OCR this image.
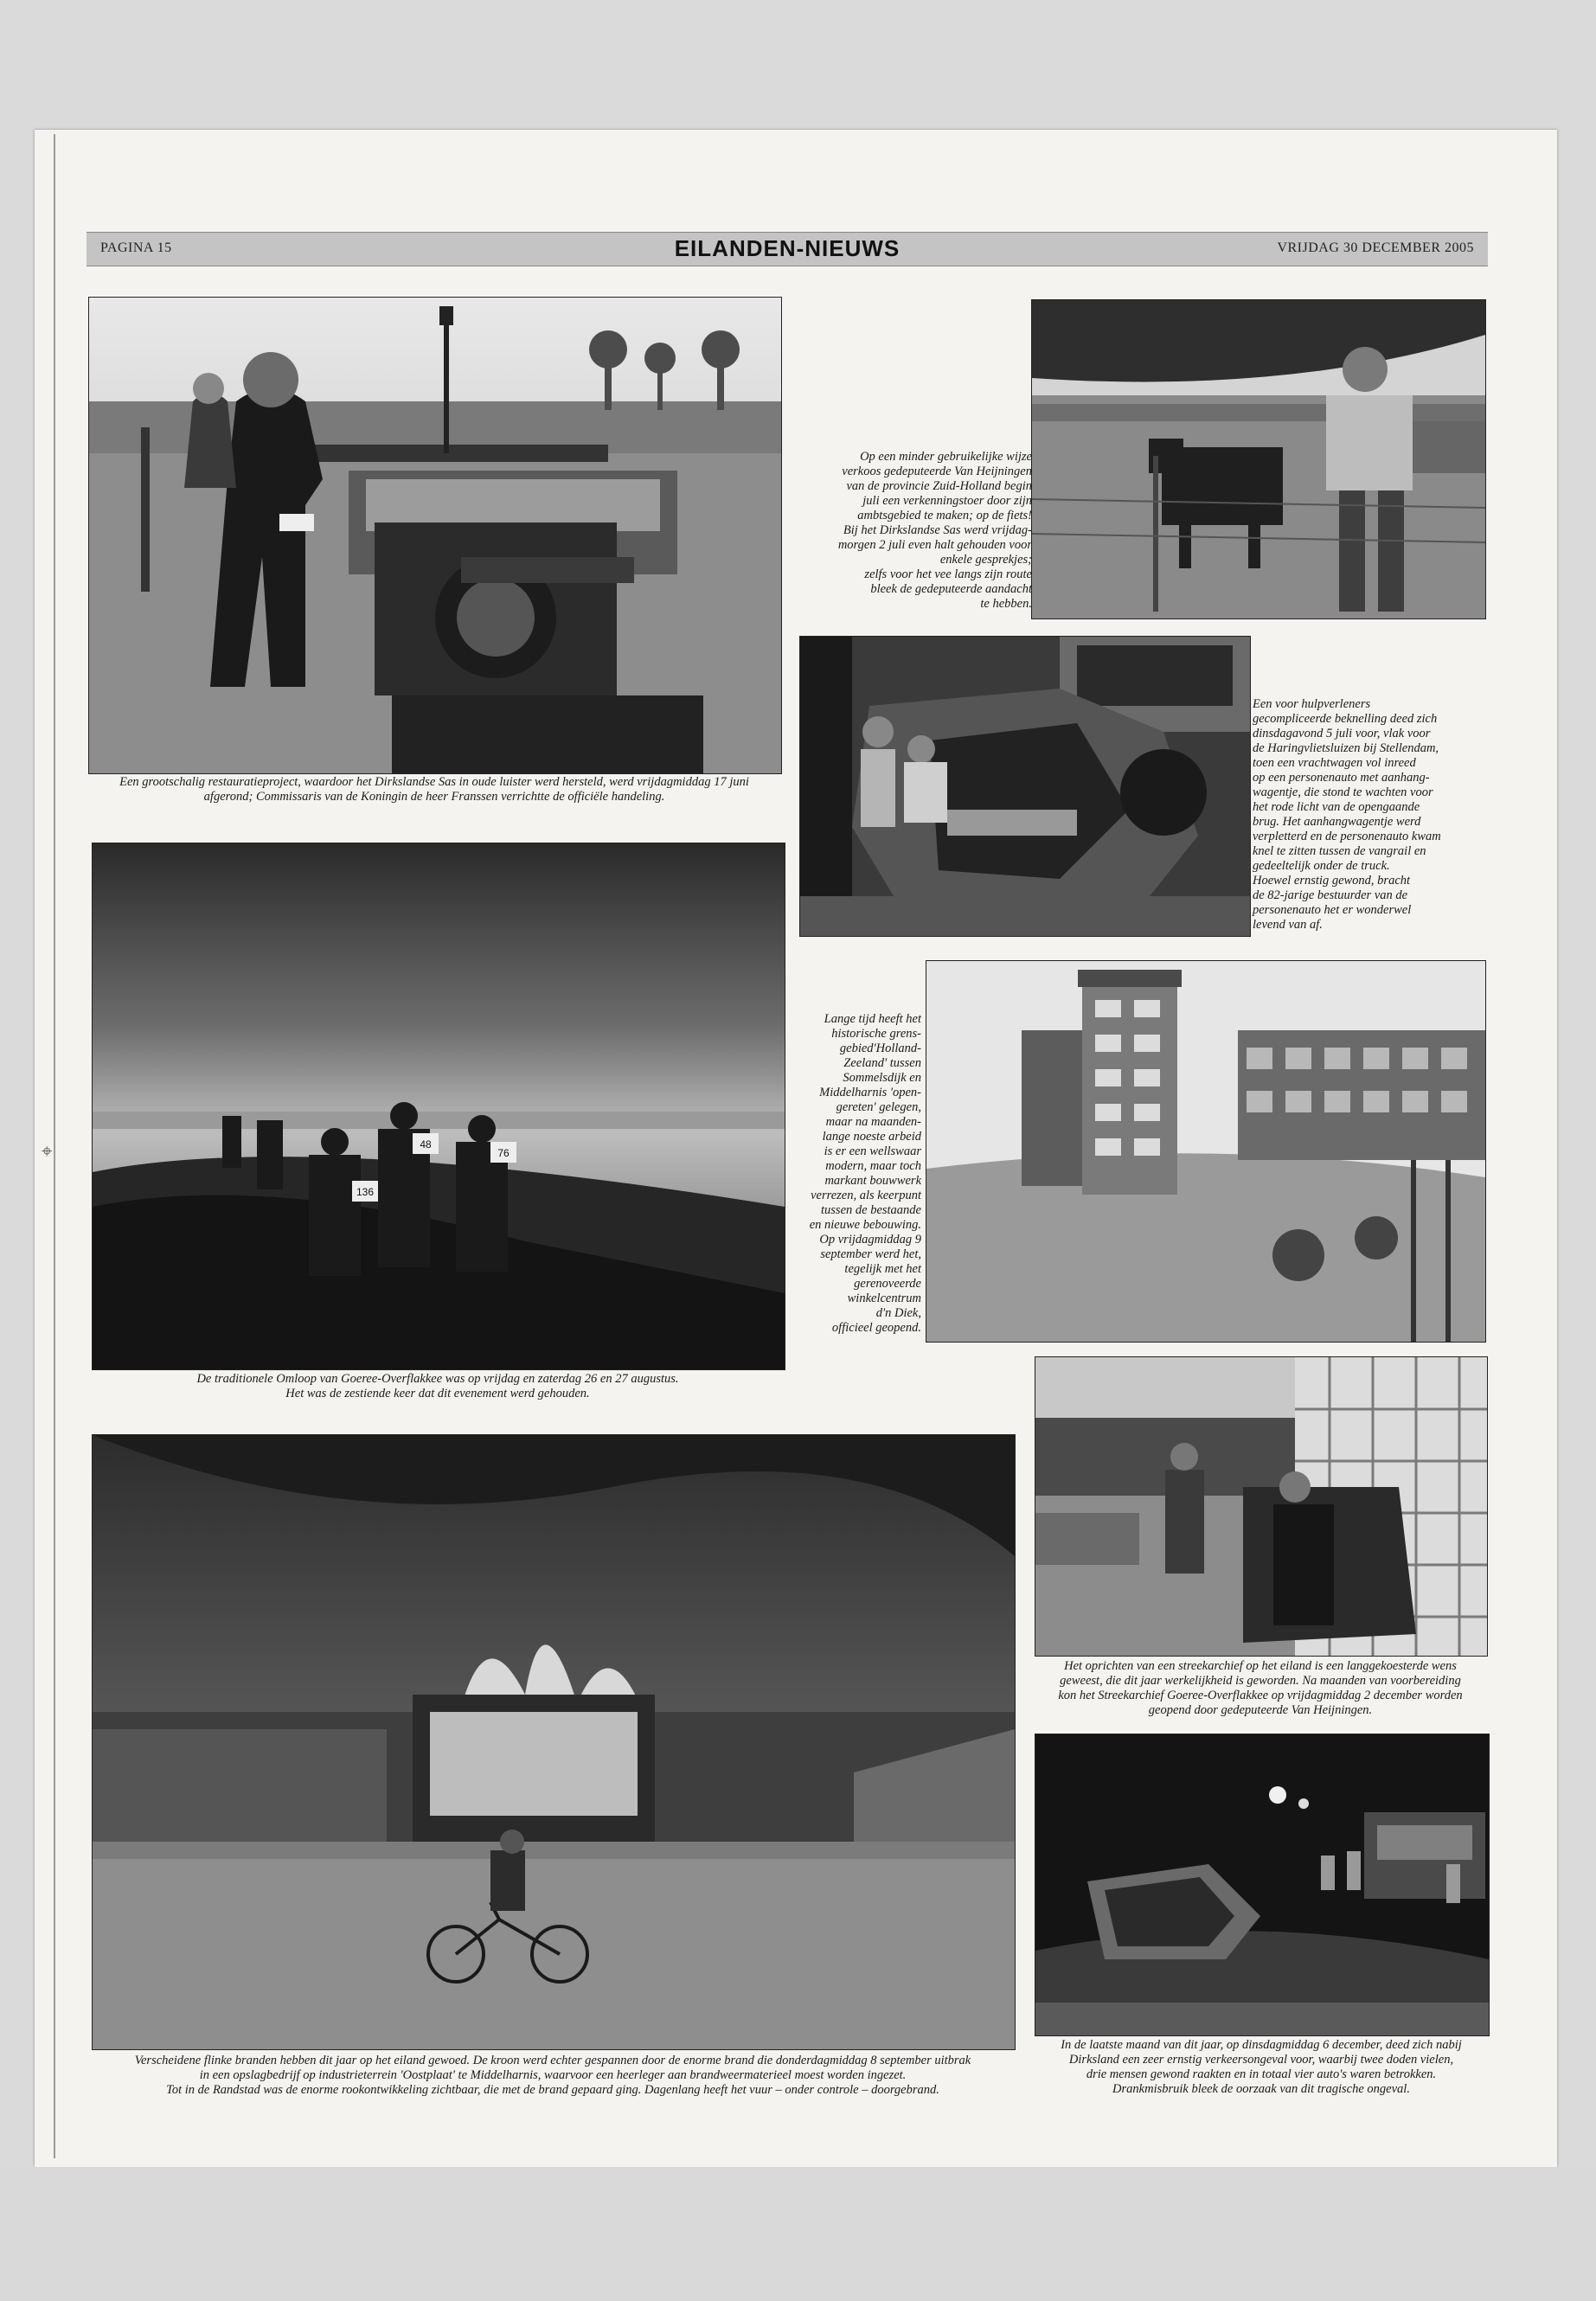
⌖
PAGINA 15	EILANDEN-NIEUWS	VRIJDAG 30 DECEMBER 2005
Een grootschalig restauratieproject, waardoor het Dirkslandse Sas in oude luister werd hersteld, werd vrijdagmiddag 17 juni
afgerond; Commissaris van de Koningin de heer Franssen verrichtte de officiële handeling.
Op een minder gebruikelijke wijze
verkoos gedeputeerde Van Heijningen
van de provincie Zuid-Holland begin
juli een verkenningstoer door zijn
ambtsgebied te maken; op de fiets!
Bij het Dirkslandse Sas werd vrijdag-
morgen 2 juli even halt gehouden voor
enkele gesprekjes;
zelfs voor het vee langs zijn route
bleek de gedeputeerde aandacht
te hebben.
Een voor hulpverleners
gecompliceerde beknelling deed zich
dinsdagavond 5 juli voor, vlak voor
de Haringvlietsluizen bij Stellendam,
toen een vrachtwagen vol inreed
op een personenauto met aanhang-
wagentje, die stond te wachten voor
het rode licht van de opengaande
brug. Het aanhangwagentje werd
verpletterd en de personenauto kwam
knel te zitten tussen de vangrail en
gedeeltelijk onder de truck.
Hoewel ernstig gewond, bracht
de 82-jarige bestuurder van de
personenauto het er wonderwel
levend van af.
136
48
76
De traditionele Omloop van Goeree-Overflakkee was op vrijdag en zaterdag 26 en 27 augustus.
Het was de zestiende keer dat dit evenement werd gehouden.
Lange tijd heeft het
historische grens-
gebied'Holland-
Zeeland' tussen
Sommelsdijk en
Middelharnis 'open-
gereten' gelegen,
maar na maanden-
lange noeste arbeid
is er een wellswaar
modern, maar toch
markant bouwwerk
verrezen, als keerpunt
tussen de bestaande
en nieuwe bebouwing.
Op vrijdagmiddag 9
september werd het,
tegelijk met het
gerenoveerde
winkelcentrum
d'n Diek,
officieel geopend.
Het oprichten van een streekarchief op het eiland is een langgekoesterde wens
geweest, die dit jaar werkelijkheid is geworden. Na maanden van voorbereiding
kon het Streekarchief Goeree-Overflakkee op vrijdagmiddag 2 december worden
geopend door gedeputeerde Van Heijningen.
Verscheidene flinke branden hebben dit jaar op het eiland gewoed. De kroon werd echter gespannen door de enorme brand die donderdagmiddag 8 september uitbrak
in een opslagbedrijf op industrieterrein 'Oostplaat' te Middelharnis, waarvoor een heerleger aan brandweermaterieel moest worden ingezet.
Tot in de Randstad was de enorme rookontwikkeling zichtbaar, die met de brand gepaard ging. Dagenlang heeft het vuur – onder controle – doorgebrand.
In de laatste maand van dit jaar, op dinsdagmiddag 6 december, deed zich nabij
Dirksland een zeer ernstig verkeersongeval voor, waarbij twee doden vielen,
drie mensen gewond raakten en in totaal vier auto's waren betrokken.
Drankmisbruik bleek de oorzaak van dit tragische ongeval.
